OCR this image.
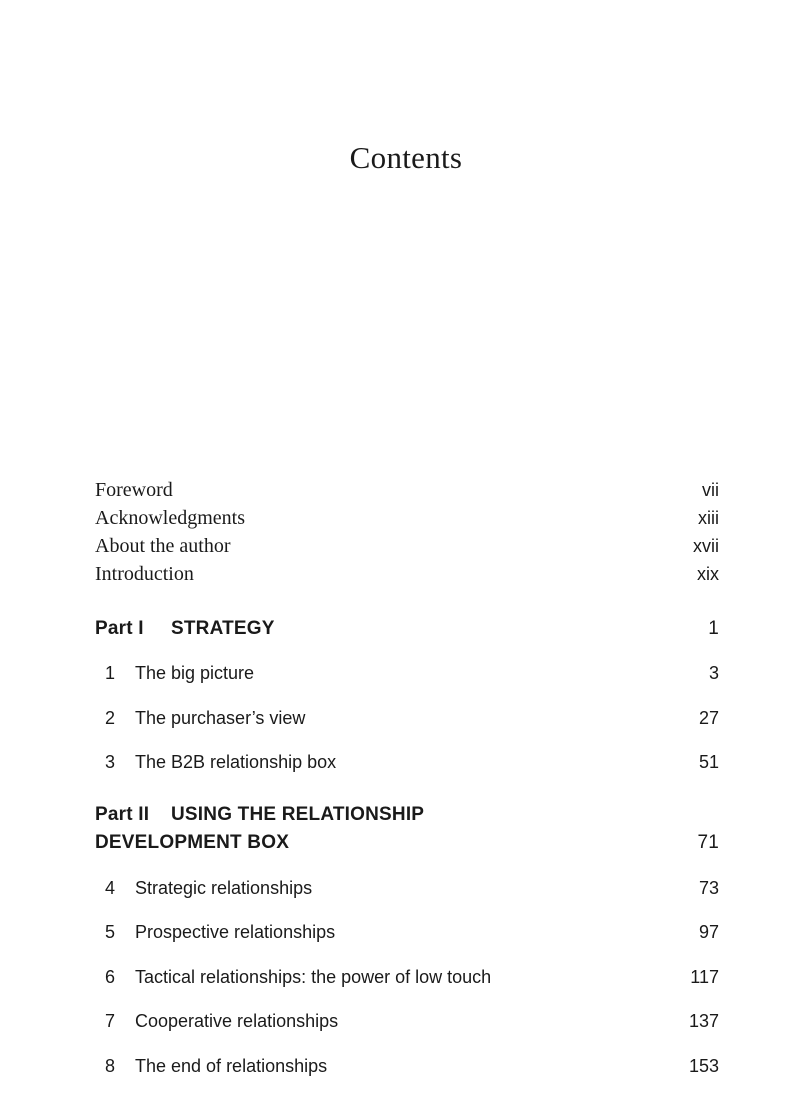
Contents
Foreword	vii
Acknowledgments	xiii
About the author	xvii
Introduction	xix
Part I STRATEGY	1
1 The big picture	3
2 The purchaser’s view	27
3 The B2B relationship box	51
Part II USING THE RELATIONSHIP
DEVELOPMENT BOX	71
4 Strategic relationships	73
5 Prospective relationships	97
6 Tactical relationships: the power of low touch	117
7 Cooperative relationships	137
8 The end of relationships	153
